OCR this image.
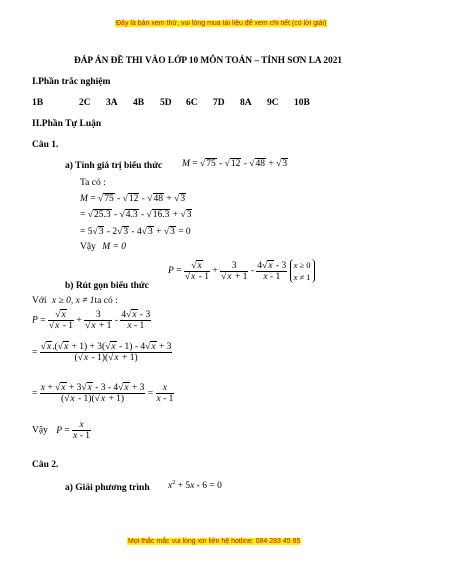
Đây là bản xem thử, vui lòng mua tài liệu để xem chi tiết (có lời giải)
ĐÁP ÁN ĐỀ THI VÀO LỚP 10 MÔN TOÁN – TỈNH SƠN LA 2021
I.Phần trắc nghiệm
1B	2C 3A 4B 5D 6C 7D 8A 9C 10B
II.Phần Tự Luận
Câu 1.
a) Tính giá trị biểu thức M = √75 - √12 - √48 + √3
Ta có :
M = √75 - √12 - √48 + √3
= √25.3 - √4.3 - √16.3 + √3
= 5√3 - 2√3 - 4√3 + √3 = 0
Vậy M = 0
b) Rút gọn biểu thức
$P = \frac{√x}{√x - 1} + \frac{3}{√x + 1} - \frac{4√x - 3}{x - 1}$ x ≥ 0
x ≠ 1
Với x ≥ 0, x ≠ 1ta có :
$P = \frac{√x}{√x - 1} + \frac{3}{√x + 1} - \frac{4√x - 3}{x - 1}$
= $\frac{√x.(√x + 1) + 3(√x - 1) - 4√x + 3}{(√x - 1)(√x + 1)}$
= $\frac{x + √x + 3√x - 3 - 4√x + 3}{(√x - 1)(√x + 1)} = \frac{x}{x - 1}$
Vậy $P = \frac{x}{x - 1}$
Câu 2.
a) Giải phương trình $x^2 + 5x - 6 = 0$
Mọi thắc mắc vui lòng xin liên hệ hotline: 084 283 45 85
